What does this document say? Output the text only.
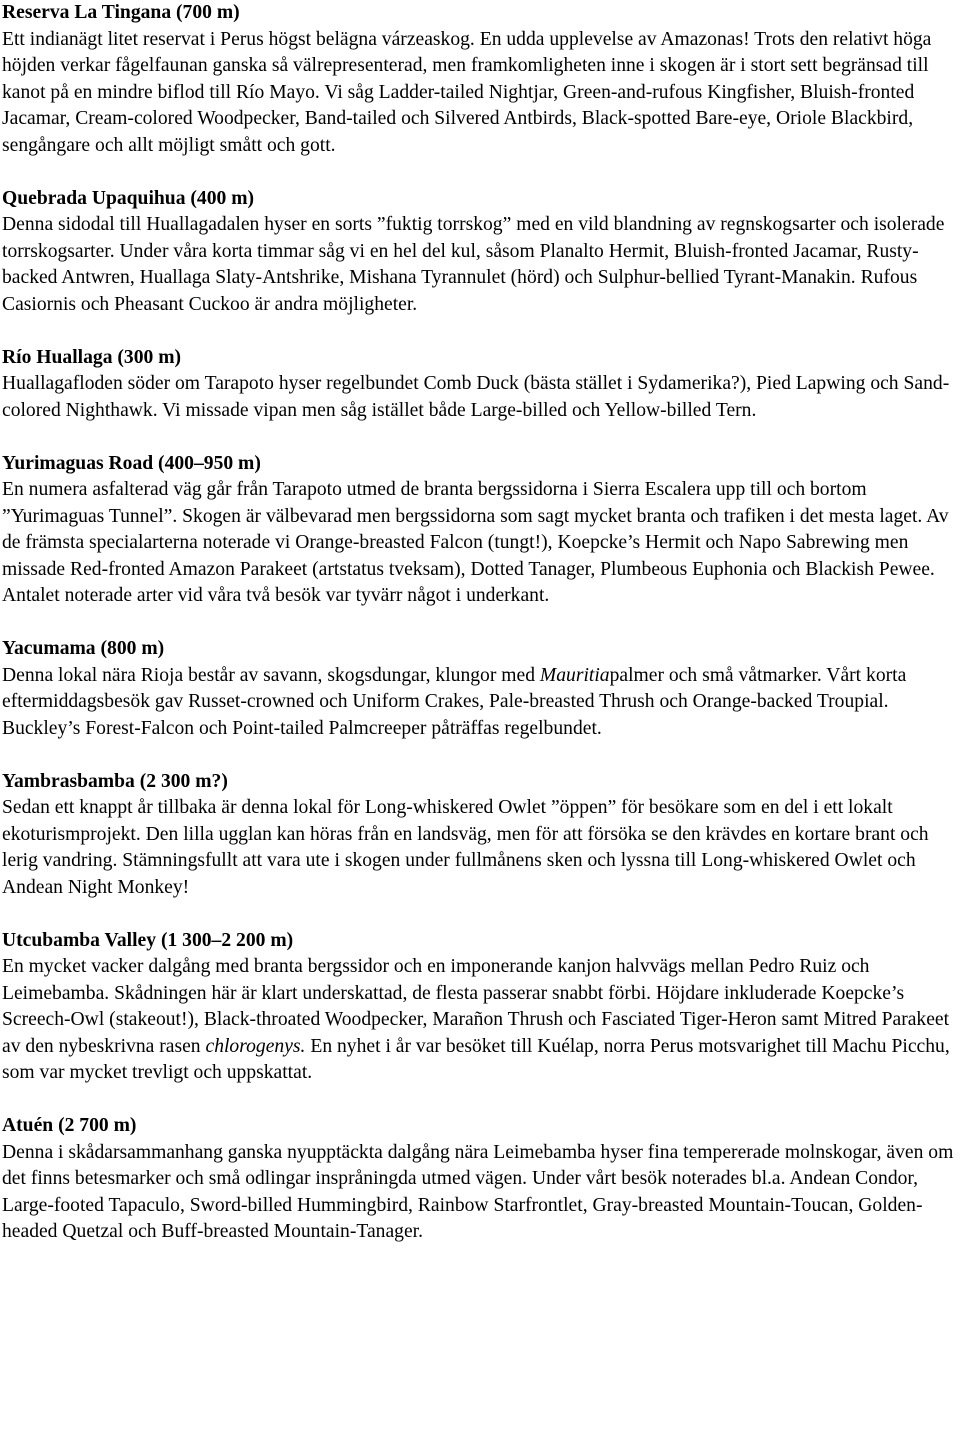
Reserva La Tingana (700 m)

Ett indianägt litet reservat i Perus högst belägna várzeaskog. En udda upplevelse av Amazonas! Trots den relativt höga höjden verkar fågelfaunan ganska så välrepresenterad, men framkomligheten inne i skogen är i stort sett begränsad till kanot på en mindre biflod till Río Mayo. Vi såg Ladder-tailed Nightjar, Green-and-rufous Kingfisher, Bluish-fronted Jacamar, Cream-colored Woodpecker, Band-tailed och Silvered Antbirds, Black-spotted Bare-eye, Oriole Blackbird, sengångare och allt möjligt smått och gott.

Quebrada Upaquihua (400 m)

Denna sidodal till Huallagadalen hyser en sorts ”fuktig torrskog” med en vild blandning av regnskogsarter och isolerade torrskogsarter. Under våra korta timmar såg vi en hel del kul, såsom Planalto Hermit, Bluish-fronted Jacamar, Rusty-backed Antwren, Huallaga Slaty-Antshrike, Mishana Tyrannulet (hörd) och Sulphur-bellied Tyrant-Manakin. Rufous Casiornis och Pheasant Cuckoo är andra möjligheter.

Río Huallaga (300 m)

Huallagafloden söder om Tarapoto hyser regelbundet Comb Duck (bästa stället i Sydamerika?), Pied Lapwing och Sand-colored Nighthawk. Vi missade vipan men såg istället både Large-billed och Yellow-billed Tern.

Yurimaguas Road (400–950 m)

En numera asfalterad väg går från Tarapoto utmed de branta bergssidorna i Sierra Escalera upp till och bortom ”Yurimaguas Tunnel”. Skogen är välbevarad men bergssidorna som sagt mycket branta och trafiken i det mesta laget. Av de främsta specialarterna noterade vi Orange-breasted Falcon (tungt!), Koepcke’s Hermit och Napo Sabrewing men missade Red-fronted Amazon Parakeet (artstatus tveksam), Dotted Tanager, Plumbeous Euphonia och Blackish Pewee. Antalet noterade arter vid våra två besök var tyvärr något i underkant.

Yacumama (800 m)

Denna lokal nära Rioja består av savann, skogsdungar, klungor med Mauritiapalmer och små våtmarker. Vårt korta eftermiddagsbesök gav Russet-crowned och Uniform Crakes, Pale-breasted Thrush och Orange-backed Troupial. Buckley’s Forest-Falcon och Point-tailed Palmcreeper påträffas regelbundet.

Yambrasbamba (2 300 m?)

Sedan ett knappt år tillbaka är denna lokal för Long-whiskered Owlet ”öppen” för besökare som en del i ett lokalt ekoturismprojekt. Den lilla ugglan kan höras från en landsväg, men för att försöka se den krävdes en kortare brant och lerig vandring. Stämningsfullt att vara ute i skogen under fullmånens sken och lyssna till Long-whiskered Owlet och Andean Night Monkey!

Utcubamba Valley (1 300–2 200 m)

En mycket vacker dalgång med branta bergssidor och en imponerande kanjon halvvägs mellan Pedro Ruiz och Leimebamba. Skådningen här är klart underskattad, de flesta passerar snabbt förbi. Höjdare inkluderade Koepcke’s Screech-Owl (stakeout!), Black-throated Woodpecker, Marañon Thrush och Fasciated Tiger-Heron samt Mitred Parakeet av den nybeskrivna rasen chlorogenys. En nyhet i år var besöket till Kuélap, norra Perus motsvarighet till Machu Picchu, som var mycket trevligt och uppskattat.

Atuén (2 700 m)

Denna i skådarsammanhang ganska nyupptäckta dalgång nära Leimebamba hyser fina tempererade molnskogar, även om det finns betesmarker och små odlingar inspråningda utmed vägen. Under vårt besök noterades bl.a. Andean Condor, Large-footed Tapaculo, Sword-billed Hummingbird, Rainbow Starfrontlet, Gray-breasted Mountain-Toucan, Golden-headed Quetzal och Buff-breasted Mountain-Tanager.
